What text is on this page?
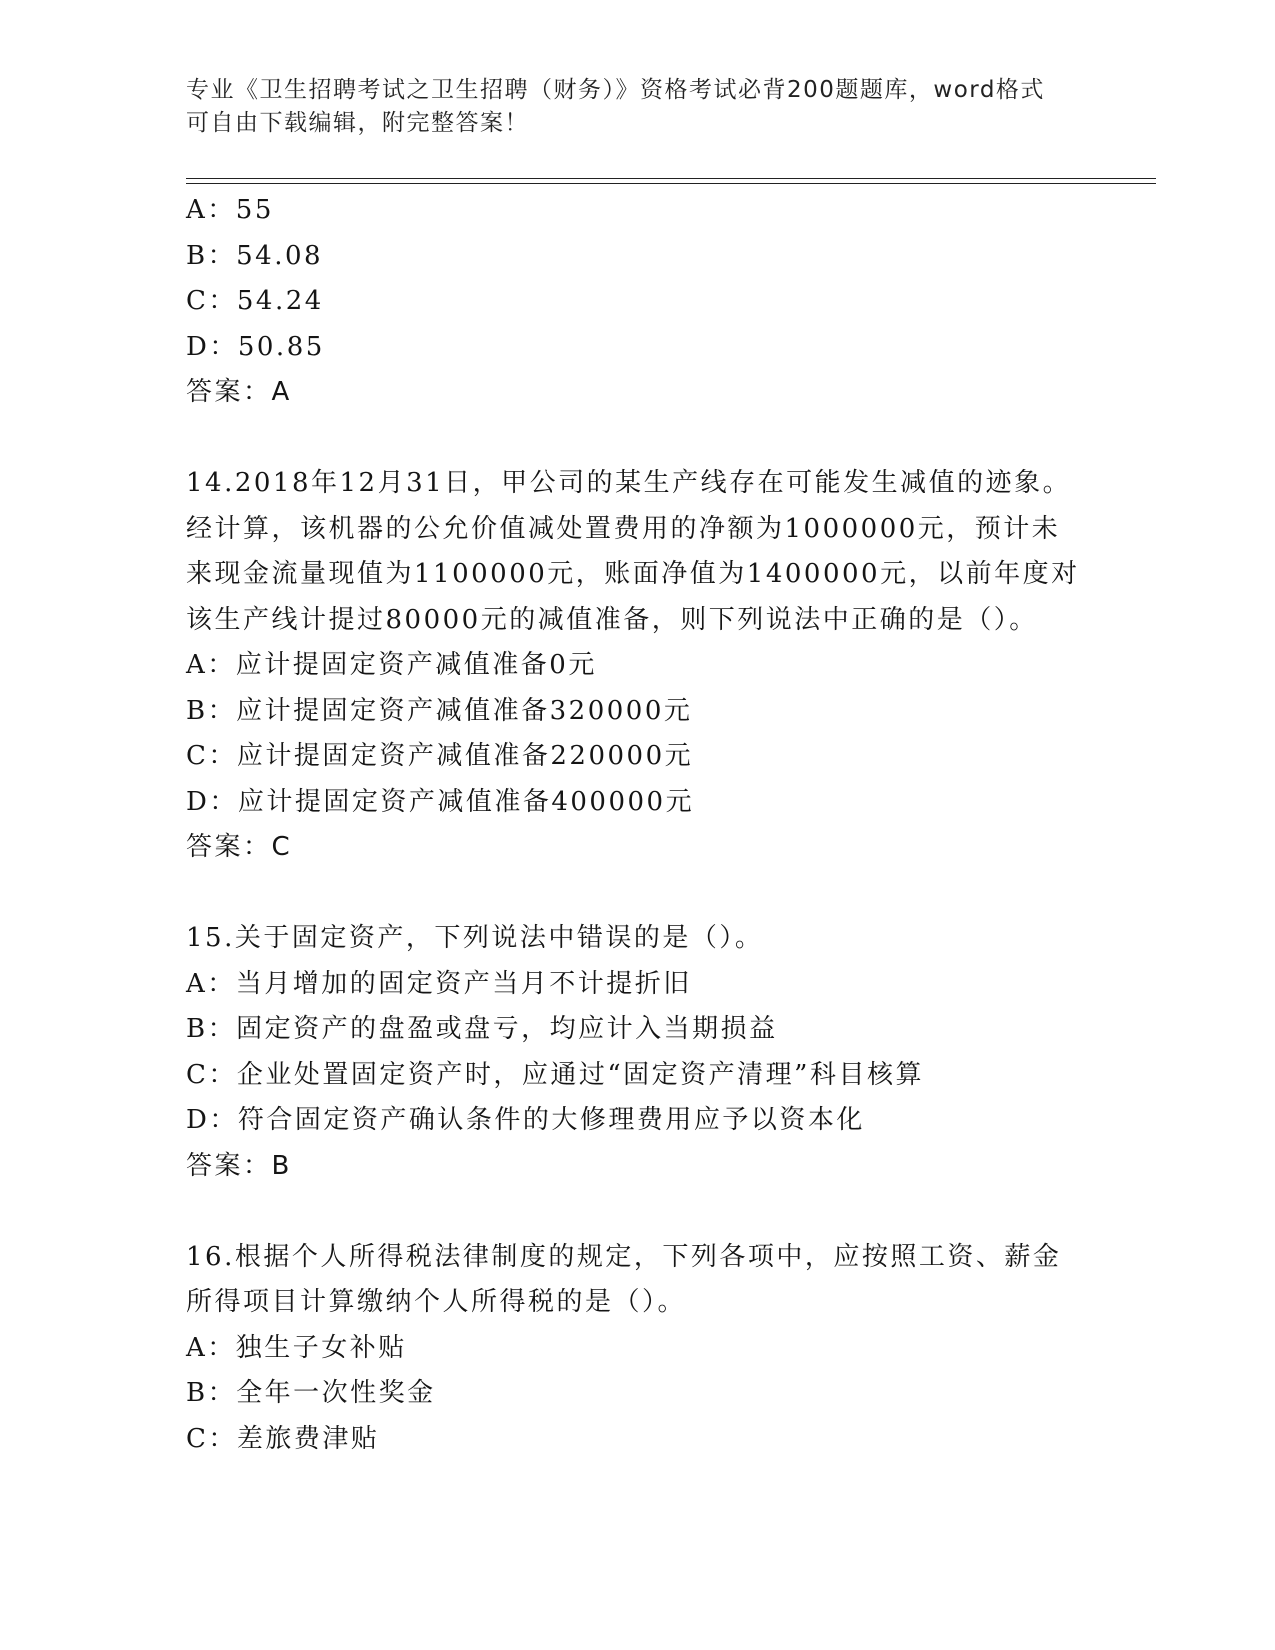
专业《卫生招聘考试之卫生招聘（财务）》资格考试必背200题题库，word格式
可自由下载编辑，附完整答案！
A：55
B：54.08
C：54.24
D：50.85
答案：A
14.2018年12月31日，甲公司的某生产线存在可能发生减值的迹象。
经计算，该机器的公允价值减处置费用的净额为1000000元，预计未
来现金流量现值为1100000元，账面净值为1400000元，以前年度对
该生产线计提过80000元的减值准备，则下列说法中正确的是（）。
A：应计提固定资产减值准备0元
B：应计提固定资产减值准备320000元
C：应计提固定资产减值准备220000元
D：应计提固定资产减值准备400000元
答案：C
15.关于固定资产，下列说法中错误的是（）。
A：当月增加的固定资产当月不计提折旧
B：固定资产的盘盈或盘亏，均应计入当期损益
C：企业处置固定资产时，应通过“固定资产清理”科目核算
D：符合固定资产确认条件的大修理费用应予以资本化
答案：B
16.根据个人所得税法律制度的规定，下列各项中，应按照工资、薪金
所得项目计算缴纳个人所得税的是（）。
A：独生子女补贴
B：全年一次性奖金
C：差旅费津贴
